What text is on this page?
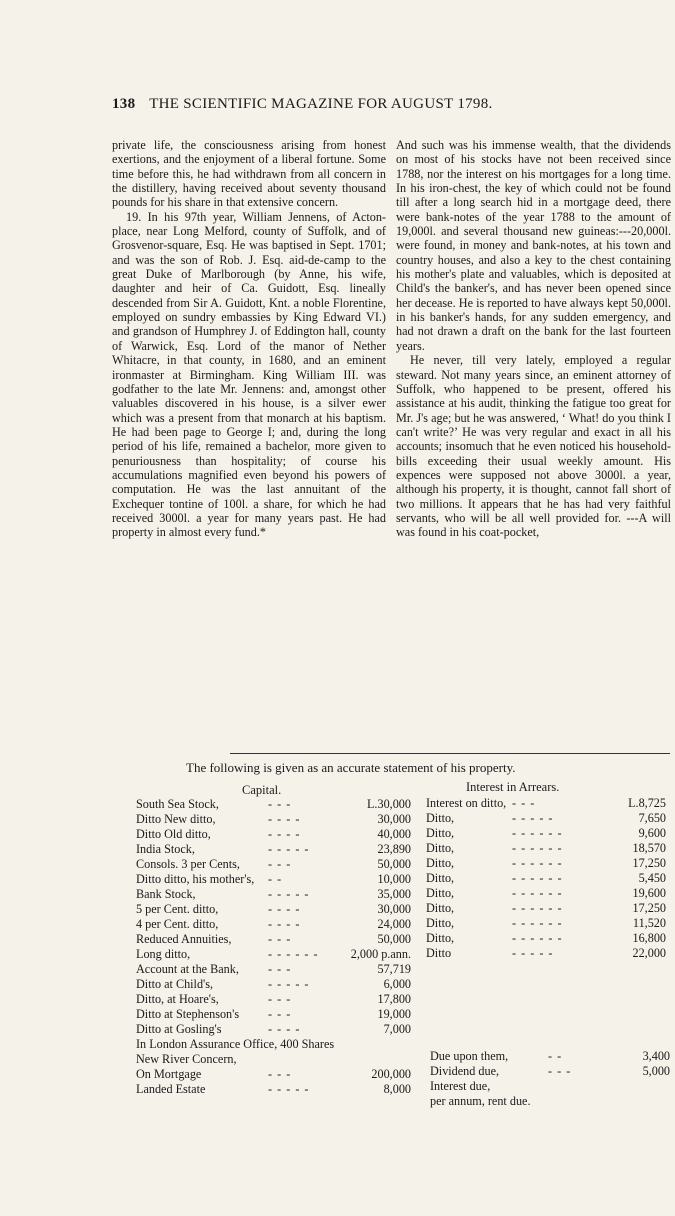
138 THE SCIENTIFIC MAGAZINE FOR AUGUST 1798.

private life, the consciousness arising from honest exertions, and the enjoyment of a liberal fortune. Some time before this, he had withdrawn from all concern in the distillery, having received about seventy thousand pounds for his share in that extensive concern.

19. In his 97th year, William Jennens, of Acton-place, near Long Melford, county of Suffolk, and of Grosvenor-square, Esq. He was baptised in Sept. 1701; and was the son of Rob. J. Esq. aid-de-camp to the great Duke of Marlborough (by Anne, his wife, daughter and heir of Ca. Guidott, Esq. lineally descended from Sir A. Guidott, Knt. a noble Florentine, employed on sundry embassies by King Edward VI.) and grandson of Humphrey J. of Eddington hall, county of Warwick, Esq. Lord of the manor of Nether Whitacre, in that county, in 1680, and an eminent ironmaster at Birmingham. King William III. was godfather to the late Mr. Jennens: and, amongst other valuables discovered in his house, is a silver ewer which was a present from that monarch at his baptism. He had been page to George I; and, during the long period of his life, remained a bachelor, more given to penuriousness than hospitality; of course his accumulations magnified even beyond his powers of computation. He was the last annuitant of the Exchequer tontine of 100l. a share, for which he had received 3000l. a year for many years past. He had property in almost every fund.*

And such was his immense wealth, that the dividends on most of his stocks have not been received since 1788, nor the interest on his mortgages for a long time. In his iron-chest, the key of which could not be found till after a long search hid in a mortgage deed, there were bank-notes of the year 1788 to the amount of 19,000l. and several thousand new guineas:---20,000l. were found, in money and bank-notes, at his town and country houses, and also a key to the chest containing his mother's plate and valuables, which is deposited at Child's the banker's, and has never been opened since her decease. He is reported to have always kept 50,000l. in his banker's hands, for any sudden emergency, and had not drawn a draft on the bank for the last fourteen years.

He never, till very lately, employed a regular steward. Not many years since, an eminent attorney of Suffolk, who happened to be present, offered his assistance at his audit, thinking the fatigue too great for Mr. J's age; but he was answered, ‘ What! do you think I can't write?’ He was very regular and exact in all his accounts; insomuch that he even noticed his household-bills exceeding their usual weekly amount. His expences were supposed not above 3000l. a year, although his property, it is thought, cannot fall short of two millions. It appears that he has had very faithful servants, who will be all well provided for. ---A will was found in his coat-pocket,

The following is given as an accurate statement of his property.
Capital.	Interest in Arrears.
South Sea Stock,	- - -	L.30,000
Ditto New ditto,	- - - -	30,000
Ditto Old ditto,	- - - -	40,000
India Stock,	- - - - -	23,890
Consols. 3 per Cents, - - -	50,000
Ditto ditto, his mother's, - -	10,000
Bank Stock,	- - - - -	35,000
5 per Cent. ditto,	- - - -	30,000
4 per Cent. ditto,	- - - -	24,000
Reduced Annuities,	- - -	50,000
Long ditto,	- - - - - -	2,000 p.ann.
Account at the Bank, - - -	57,719
Ditto at Child's,	- - - - -	6,000
Ditto, at Hoare's,	- - -	17,800
Ditto at Stephenson's - - -	19,000
Ditto at Gosling's	- - - -	7,000
In London Assurance Office, 400 Shares
New River Concern,
On Mortgage	- - -	200,000
Landed Estate	- - - - -	8,000
Interest on ditto, - - -	L.8,725
Ditto,	- - - - -	7,650
Ditto,	- - - - - -	9,600
Ditto,	- - - - - -	18,570
Ditto,	- - - - - -	17,250
Ditto,	- - - - - -	5,450
Ditto,	- - - - - -	19,600
Ditto,	- - - - - -	17,250
Ditto,	- - - - - -	11,520
Ditto,	- - - - - -	16,800
Ditto	- - - - -	22,000
Due upon them,	- -	3,400
Dividend due,	- - -	5,000
Interest due,
per annum, rent due.
